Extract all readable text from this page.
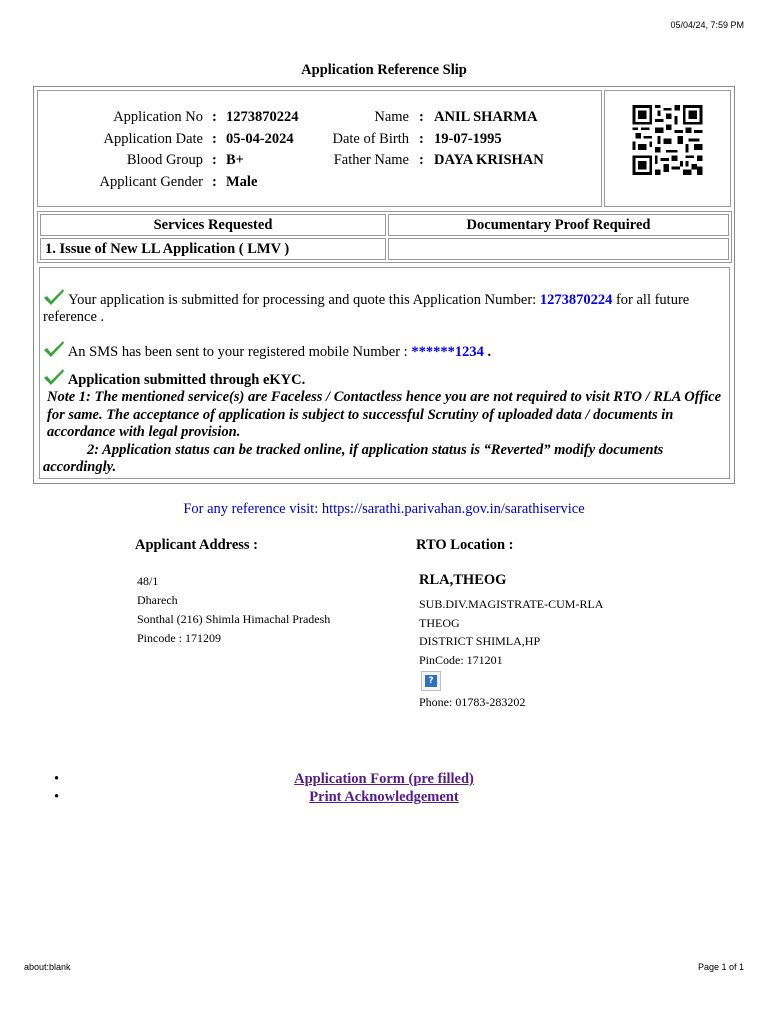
05/04/24, 7:59 PM
Application Reference Slip
Application No : 1273870224	Name : ANIL SHARMA
Application Date : 05-04-2024	Date of Birth : 19-07-1995
Blood Group : B+	Father Name : DAYA KRISHAN
Applicant Gender : Male
Services Requested	Documentary Proof Required
1. Issue of New LL Application ( LMV )	
Your application is submitted for processing and quote this Application Number: 1273870224 for all future reference .
An SMS has been sent to your registered mobile Number : ******1234 .
Application submitted through eKYC.
Note 1: The mentioned service(s) are Faceless / Contactless hence you are not required to visit RTO / RLA Office for same. The acceptance of application is subject to successful Scrutiny of uploaded data / documents in accordance with legal provision.
2: Application status can be tracked online, if application status is “Reverted” modify documents accordingly.
For any reference visit: https://sarathi.parivahan.gov.in/sarathiservice
Applicant Address :	RTO Location :
48/1
Dharech
Sonthal (216) Shimla Himachal Pradesh
Pincode : 171209
RLA,THEOG
SUB.DIV.MAGISTRATE-CUM-RLA
THEOG
DISTRICT SHIMLA,HP
PinCode: 171201
?
Phone: 01783-283202
• Application Form (pre filled)
• Print Acknowledgement
about:blank	Page 1 of 1
